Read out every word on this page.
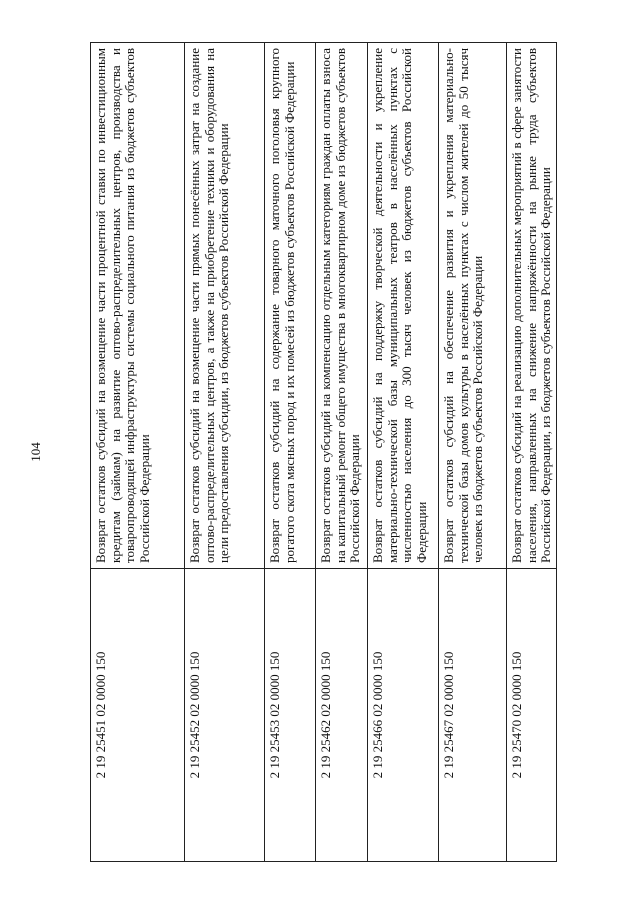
104
2 19 25451 02 0000 150	Возврат остатков субсидий на возмещение части процентной ставки по инвестиционным кредитам (займам) на развитие оптово-распределительных центров, производства и товаропроводящей инфраструктуры системы социального питания из бюджетов субъектов Российской Федерации
2 19 25452 02 0000 150	Возврат остатков субсидий на возмещение части прямых понесённых затрат на создание оптово-распределительных центров, а также на приобретение техники и оборудования на цели предоставления субсидии, из бюджетов субъектов Российской Федерации
2 19 25453 02 0000 150	Возврат остатков субсидий на содержание товарного маточного поголовья крупного рогатого скота мясных пород и их помесей из бюджетов субъектов Российской Федерации
2 19 25462 02 0000 150	Возврат остатков субсидий на компенсацию отдельным категориям граждан оплаты взноса на капитальный ремонт общего имущества в многоквартирном доме из бюджетов субъектов Российской Федерации
2 19 25466 02 0000 150	Возврат остатков субсидий на поддержку творческой деятельности и укрепление материально-технической базы муниципальных театров в населённых пунктах с численностью населения до 300 тысяч человек из бюджетов субъектов Российской Федерации
2 19 25467 02 0000 150	Возврат остатков субсидий на обеспечение развития и укрепления материально-технической базы домов культуры в населённых пунктах с числом жителей до 50 тысяч человек из бюджетов субъектов Российской Федерации
2 19 25470 02 0000 150	Возврат остатков субсидий на реализацию дополнительных мероприятий в сфере занятости населения, направленных на снижение напряжённости на рынке труда субъектов Российской Федерации, из бюджетов субъектов Российской Федерации
